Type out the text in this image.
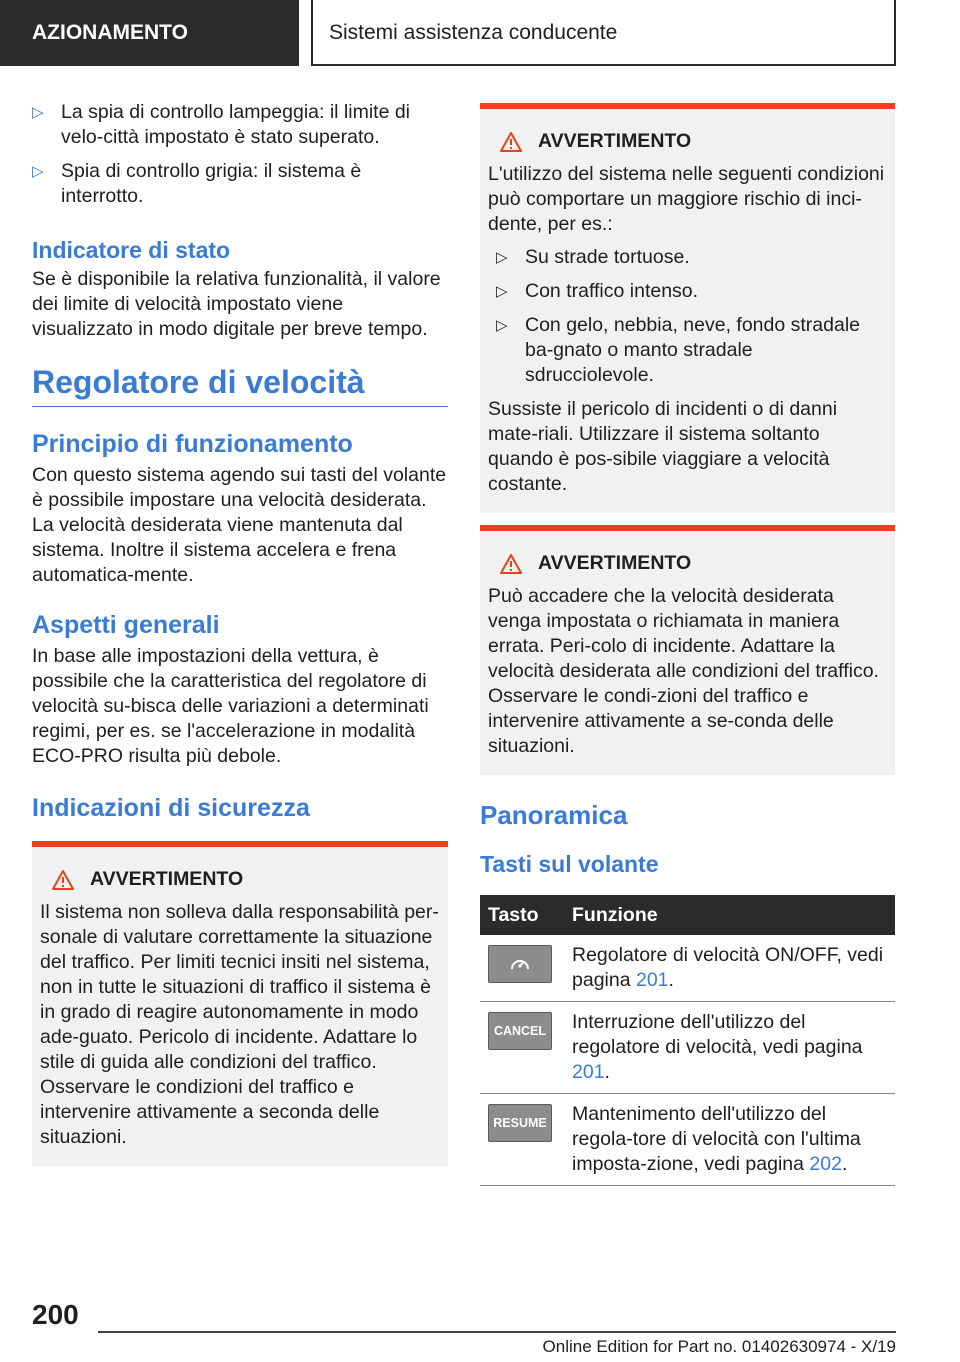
AZIONAMENTO	Sistemi assistenza conducente
▷ La spia di controllo lampeggia: il limite di velo-città impostato è stato superato.
▷ Spia di controllo grigia: il sistema è interrotto.
Indicatore di stato

Se è disponibile la relativa funzionalità, il valore dei limite di velocità impostato viene visualizzato in modo digitale per breve tempo.

Regolatore di velocità
Principio di funzionamento

Con questo sistema agendo sui tasti del volante è possibile impostare una velocità desiderata. La velocità desiderata viene mantenuta dal sistema. Inoltre il sistema accelera e frena automatica-mente.

Aspetti generali

In base alle impostazioni della vettura, è possibile che la caratteristica del regolatore di velocità su-bisca delle variazioni a determinati regimi, per es. se l'accelerazione in modalità ECO-PRO risulta più debole.

Indicazioni di sicurezza
AVVERTIMENTO

Il sistema non solleva dalla responsabilità per-sonale di valutare correttamente la situazione del traffico. Per limiti tecnici insiti nel sistema, non in tutte le situazioni di traffico il sistema è in grado di reagire autonomamente in modo ade-guato. Pericolo di incidente. Adattare lo stile di guida alle condizioni del traffico. Osservare le condizioni del traffico e intervenire attivamente a seconda delle situazioni.

AVVERTIMENTO

L'utilizzo del sistema nelle seguenti condizioni può comportare un maggiore rischio di inci-dente, per es.:

▷ Su strade tortuose.
▷ Con traffico intenso.
▷ Con gelo, nebbia, neve, fondo stradale ba-gnato o manto stradale sdrucciolevole.

Sussiste il pericolo di incidenti o di danni mate-riali. Utilizzare il sistema soltanto quando è pos-sibile viaggiare a velocità costante.

AVVERTIMENTO

Può accadere che la velocità desiderata venga impostata o richiamata in maniera errata. Peri-colo di incidente. Adattare la velocità desiderata alle condizioni del traffico. Osservare le condi-zioni del traffico e intervenire attivamente a se-conda delle situazioni.

Panoramica
Tasti sul volante
Tasto	Funzione

	Regolatore di velocità ON/OFF, vedi pagina 201.

CANCEL	Interruzione dell'utilizzo del regolatore di velocità, vedi pagina 201.

RESUME	Mantenimento dell'utilizzo del regola-tore di velocità con l'ultima imposta-zione, vedi pagina 202.
200
Online Edition for Part no. 01402630974 - X/19
